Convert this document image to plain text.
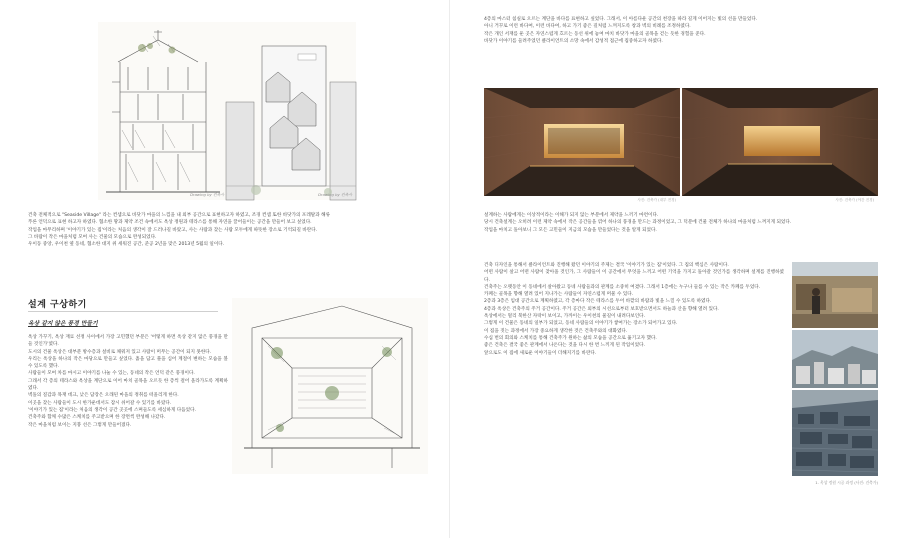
Drawing by 건축사	Drawing by 건축사

건축 전체적으로 "Seaside Village" 라는 컨셉으로 바닷가 마을의 느낌을 내 외부 공간으로 표현하고자 하였고, 조경 컨셉 또한 바닷가의 포레탈과 해류

푸른 언덕으로 표현 하고자 하였다. 협소한 땅과 제약 조건 속에서도 옥상 정원과 테라스를 통해 자연을 끌어들이는 공간을 만들어 보고 싶었다.

작업을 마무리하며 '이야기가 있는 집'이라는 처음의 생각이 잘 드러나길 바랐고, 사는 사람과 찾는 사람 모두에게 따뜻한 장소로 기억되길 바란다.

그 바람이 작은 마을처럼 모여 사는 건물의 모습으로 완성되었다.

우이동 중앙, 우이천 옆 동네, 협소한 대지 위 세워진 공간, 준공 2년을 맞은 2013년 5월의 일이다.

설계 구상하기
옥상 같지 않은 풍경 만들기

옥상 가꾸기, 옥상 재료 선정 사이에서 가장 고민했던 부분은 '어떻게 하면 옥상 같지 않은 풍경을 만들 것인가'였다.

도시의 건물 옥상은 대부분 방수층과 설비로 채워져 있고 사람이 머무는 공간이 되지 못한다.

우리는 옥상을 하나의 작은 마당으로 만들고 싶었다. 흙을 담고 풀을 심어 계절이 변하는 모습을 볼 수 있도록 했다.

사람들이 모여 차를 마시고 이야기를 나눌 수 있는, 동네의 작은 언덕 같은 풍경이다.

그래서 각 층의 테라스와 옥상을 계단으로 이어 마치 골목을 오르듯 한 층씩 걸어 올라가도록 계획하였다.

벽돌의 질감과 목재 데크, 낮은 담장은 오래된 마을의 정취를 떠올리게 한다.

이곳을 찾는 사람들이 도시 한가운데서도 잠시 쉬어갈 수 있기를 바랐다.

'이야기가 있는 집'이라는 처음의 생각이 공간 곳곳에 스며들도록 세심하게 다듬었다.

건축주와 함께 수많은 스케치를 주고받으며 한 장면씩 완성해 나갔다.

작은 마을처럼 보이는 지붕 선은 그렇게 만들어졌다.

4층의 마스터 침실로 오르는 계단을 바다를 표현하고 싶었다. 그래서, 이 아름다운 공간의 천장을 따라 길게 이어지는 빛의 선을 만들었다.

아니 거꾸로 이런 바다여, 이런 바다여, 하고 가기 좋은 길처럼 느껴지도록 창과 벽의 비례를 조정하였다.

작은 개인 서재를 둔 곳은 자연스럽게 흐르는 동선 위에 놓여 마치 바닷가 마을의 골목을 걷는 듯한 경험을 준다.

바닷가 이야기를 들려주었던 클라이언트의 소망 속에서 감성적 접근에 집중하고자 하였다.

사진: 건축가 (내부 전경)	사진: 건축가 (야간 전경)

설계하는 사람에게는 이상적이라는 이해가 되지 않는 부분에서 제약을 느끼기 마련이다.

당시 건축설계는 오히려 이런 제약 속에서 작은 공간들을 엮어 하나의 풍경을 만드는 과정이었고, 그 덕분에 건물 전체가 하나의 마을처럼 느껴지게 되었다.

작업을 마치고 돌아보니 그 모든 고민들이 지금의 모습을 만들었다는 것을 알게 되었다.

건축 디자인을 통해서 클라이언트와 진행해 왔던 이야기의 주제는 결국 '이야기가 있는 집'이었다. 그 집의 핵심은 사람이다.

어떤 사람이 살고 어떤 사람이 찾아올 것인가, 그 사람들이 이 공간에서 무엇을 느끼고 어떤 기억을 가지고 돌아갈 것인가를 생각하며 설계를 진행하였다.

건축주는 오랫동안 이 동네에서 살아왔고 동네 사람들과의 관계를 소중히 여겼다. 그래서 1층에는 누구나 들를 수 있는 작은 카페를 두었다.

카페는 골목을 향해 열려 있어 지나가는 사람들이 자연스럽게 머물 수 있다.

2층과 3층은 임대 공간으로 계획하였고, 각 층마다 작은 테라스를 두어 바깥의 바람과 빛을 느낄 수 있도록 하였다.

4층과 옥상은 건축주의 주거 공간이다. 주거 공간은 외부의 시선으로부터 보호받으면서도 하늘과 산을 향해 열려 있다.

옥상에서는 멀리 북한산 자락이 보이고, 가까이는 우이천의 물길이 내려다보인다.

그렇게 이 건물은 동네의 일부가 되었고, 동네 사람들의 이야기가 쌓여가는 장소가 되어가고 있다.

이 집을 짓는 과정에서 가장 중요하게 생각한 것은 건축주와의 대화였다.

수십 번의 회의와 스케치를 통해 건축주가 원하는 삶의 모습을 공간으로 옮기고자 했다.

좋은 건축은 결국 좋은 관계에서 나온다는 것을 다시 한 번 느끼게 된 작업이었다.

앞으로도 이 집에 새로운 이야기들이 더해지기를 바란다.

1. 옥상 정원 시공 과정 (사진: 건축가)
